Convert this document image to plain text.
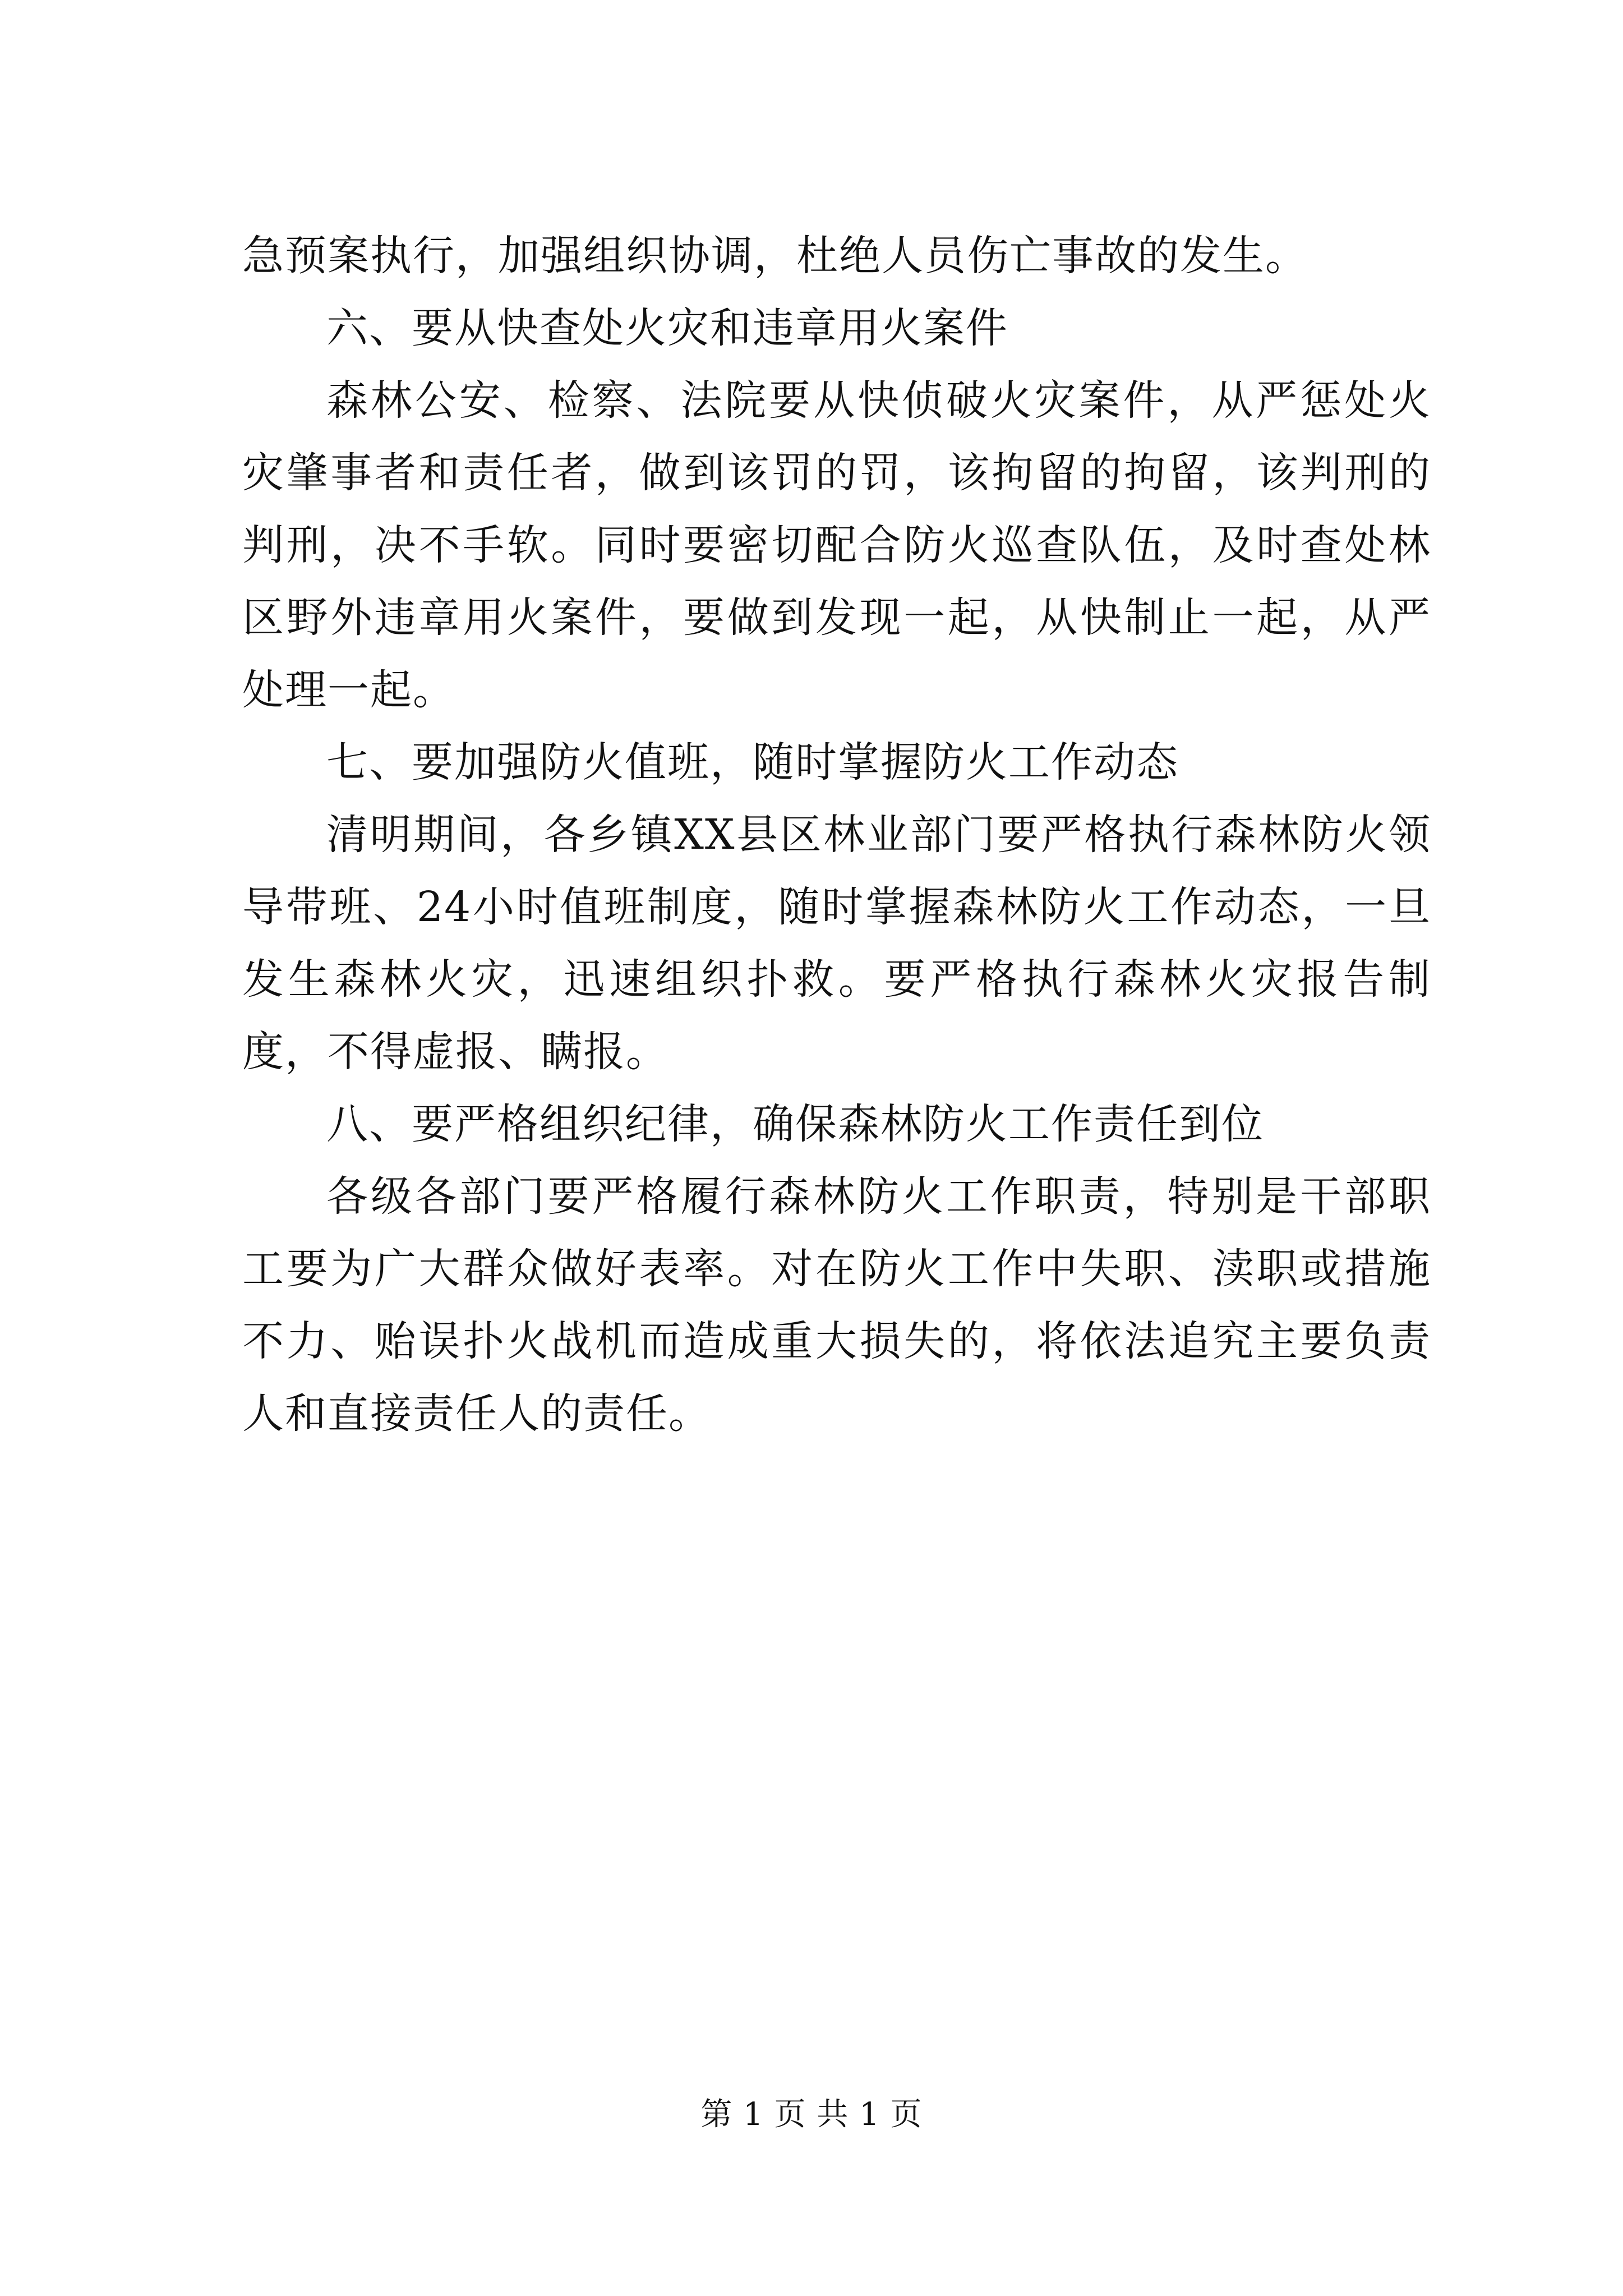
急预案执行，加强组织协调，杜绝人员伤亡事故的发生。

六、要从快查处火灾和违章用火案件

森林公安、检察、法院要从快侦破火灾案件，从严惩处火灾肇事者和责任者，做到该罚的罚，该拘留的拘留，该判刑的判刑，决不手软。同时要密切配合防火巡查队伍，及时查处林区野外违章用火案件，要做到发现一起，从快制止一起，从严处理一起。

七、要加强防火值班，随时掌握防火工作动态

清明期间，各乡镇XX县区林业部门要严格执行森林防火领导带班、24小时值班制度，随时掌握森林防火工作动态，一旦发生森林火灾，迅速组织扑救。要严格执行森林火灾报告制度，不得虚报、瞒报。

八、要严格组织纪律，确保森林防火工作责任到位

各级各部门要严格履行森林防火工作职责，特别是干部职工要为广大群众做好表率。对在防火工作中失职、渎职或措施不力、贻误扑火战机而造成重大损失的，将依法追究主要负责人和直接责任人的责任。

第 1 页 共 1 页
